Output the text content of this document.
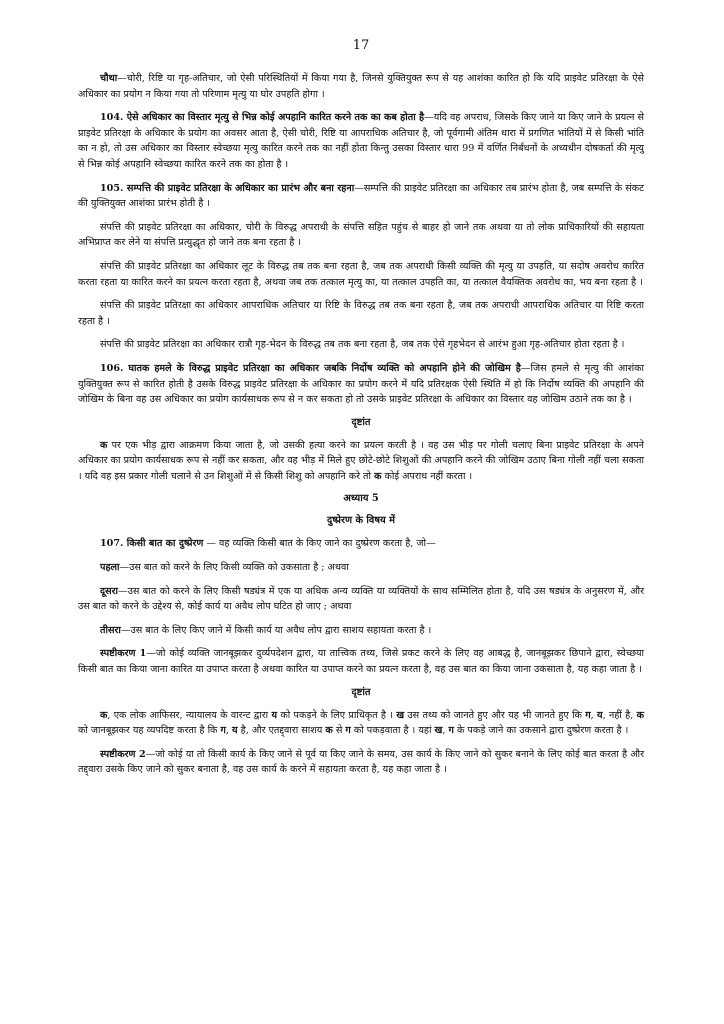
17

चौथा—चोरी, रिष्टि या गृह-अतिचार, जो ऐसी परिस्थितियों में किया गया है, जिनसे युक्तियुक्त रूप से यह आशंका कारित हो कि यदि प्राइवेट प्रतिरक्षा के ऐसे अधिकार का प्रयोग न किया गया तो परिणाम मृत्यु या घोर उपहति होगा ।

104. ऐसे अधिकार का विस्तार मृत्यु से भिन्न कोई अपहानि कारित करने तक का कब होता है—यदि वह अपराध, जिसके किए जाने या किए जाने के प्रयत्न से प्राइवेट प्रतिरक्षा के अधिकार के प्रयोग का अवसर आता है, ऐसी चोरी, रिष्टि या आपराधिक अतिचार है, जो पूर्वगामी अंतिम धारा में प्रगणित भांतियों में से किसी भांति का न हो, तो उस अधिकार का विस्तार स्वेच्छया मृत्यु कारित करने तक का नहीं होता किन्तु उसका विस्तार धारा 99 में वर्णित निर्बंधनों के अध्यधीन दोषकर्ता की मृत्यु से भिन्न कोई अपहानि स्वेच्छया कारित करने तक का होता है ।

105. सम्पत्ति की प्राइवेट प्रतिरक्षा के अधिकार का प्रारंभ और बना रहना—सम्पत्ति की प्राइवेट प्रतिरक्षा का अधिकार तब प्रारंभ होता है, जब सम्पत्ति के संकट की युक्तियुक्त आशंका प्रारंभ होती है ।

संपत्ति की प्राइवेट प्रतिरक्षा का अधिकार, चोरी के विरुद्ध अपराधी के संपत्ति सहित पहुंच से बाहर हो जाने तक अथवा या तो लोक प्राधिकारियों की सहायता अभिप्राप्त कर लेने या संपत्ति प्रत्युद्धृत हो जाने तक बना रहता है ।

संपत्ति की प्राइवेट प्रतिरक्षा का अधिकार लूट के विरुद्ध तब तक बना रहता है, जब तक अपराधी किसी व्यक्ति की मृत्यु या उपहति, या सदोष अवरोध कारित करता रहता या कारित करने का प्रयत्न करता रहता है, अथवा जब तक तत्काल मृत्यु का, या तत्काल उपहति का, या तत्काल वैयक्तिक अवरोध का, भय बना रहता है ।

संपत्ति की प्राइवेट प्रतिरक्षा का अधिकार आपराधिक अतिचार या रिष्टि के विरुद्ध तब तक बना रहता है, जब तक अपराधी आपराधिक अतिचार या रिष्टि करता रहता है ।

संपत्ति की प्राइवेट प्रतिरक्षा का अधिकार रात्रौ गृह-भेदन के विरुद्ध तब तक बना रहता है, जब तक ऐसे गृहभेदन से आरंभ हुआ गृह-अतिचार होता रहता है ।

106. घातक हमले के विरुद्ध प्राइवेट प्रतिरक्षा का अधिकार जबकि निर्दोष व्यक्ति को अपहानि होने की जोखिम है—जिस हमले से मृत्यु की आशंका युक्तियुक्त रूप से कारित होती है उसके विरुद्ध प्राइवेट प्रतिरक्षा के अधिकार का प्रयोग करने में यदि प्रतिरक्षक ऐसी स्थिति में हो कि निर्दोष व्यक्ति की अपहानि की जोखिम के बिना वह उस अधिकार का प्रयोग कार्यसाधक रूप से न कर सकता हो तो उसके प्राइवेट प्रतिरक्षा के अधिकार का विस्तार वह जोखिम उठाने तक का है ।

दृष्टांत

क पर एक भीड़ द्वारा आक्रमण किया जाता है, जो उसकी हत्या करने का प्रयत्न करती है । वह उस भीड़ पर गोली चलाए बिना प्राइवेट प्रतिरक्षा के अपने अधिकार का प्रयोग कार्यसाधक रूप से नहीं कर सकता, और वह भीड़ में मिले हुए छोटे-छोटे शिशुओं की अपहानि करने की जोखिम उठाए बिना गोली नहीं चला सकता । यदि वह इस प्रकार गोली चलाने से उन शिशुओं में से किसी शिशु को अपहानि करे तो क कोई अपराध नहीं करता ।

अध्याय 5
दुष्प्रेरण के विषय में

107. किसी बात का दुष्प्रेरण — वह व्यक्ति किसी बात के किए जाने का दुष्प्रेरण करता है, जो—

पहला—उस बात को करने के लिए किसी व्यक्ति को उकसाता है ; अथवा

दूसरा—उस बात को करने के लिए किसी षड्यंत्र में एक या अधिक अन्य व्यक्ति या व्यक्तियों के साथ सम्मिलित होता है, यदि उस षड्यंत्र के अनुसरण में, और उस बात को करने के उद्देश्य से, कोई कार्य या अवैध लोप घटित हो जाए ; अथवा

तीसरा—उस बात के लिए किए जाने में किसी कार्य या अवैध लोप द्वारा साशय सहायता करता है ।

स्पष्टीकरण 1—जो कोई व्यक्ति जानबूझकर दुर्व्यपदेशन द्वारा, या तात्त्विक तथ्य, जिसे प्रकट करने के लिए वह आबद्ध है, जानबूझकर छिपाने द्वारा, स्वेच्छया किसी बात का किया जाना कारित या उपाप्त करता है अथवा कारित या उपाप्त करने का प्रयत्न करता है, वह उस बात का किया जाना उकसाता है, यह कहा जाता है ।

दृष्टांत

क, एक लोक आफिसर, न्यायालय के वारन्ट द्वारा य को पकड़ने के लिए प्राधिकृत है । ख उस तथ्य को जानते हुए और यह भी जानते हुए कि ग, य, नहीं है, क को जानबूझकर यह व्यपदिष्ट करता है कि ग, य है, और एतद्द्वारा साशय क से ग को पकड़वाता है । यहां ख, ग के पकड़े जाने का उकसाने द्वारा दुष्प्रेरण करता है ।

स्पष्टीकरण 2—जो कोई या तो किसी कार्य के किए जाने से पूर्व या किए जाने के समय, उस कार्य के किए जाने को सुकर बनाने के लिए कोई बात करता है और तद्द्वारा उसके किए जाने को सुकर बनाता है, वह उस कार्य के करने में सहायता करता है, यह कहा जाता है ।
